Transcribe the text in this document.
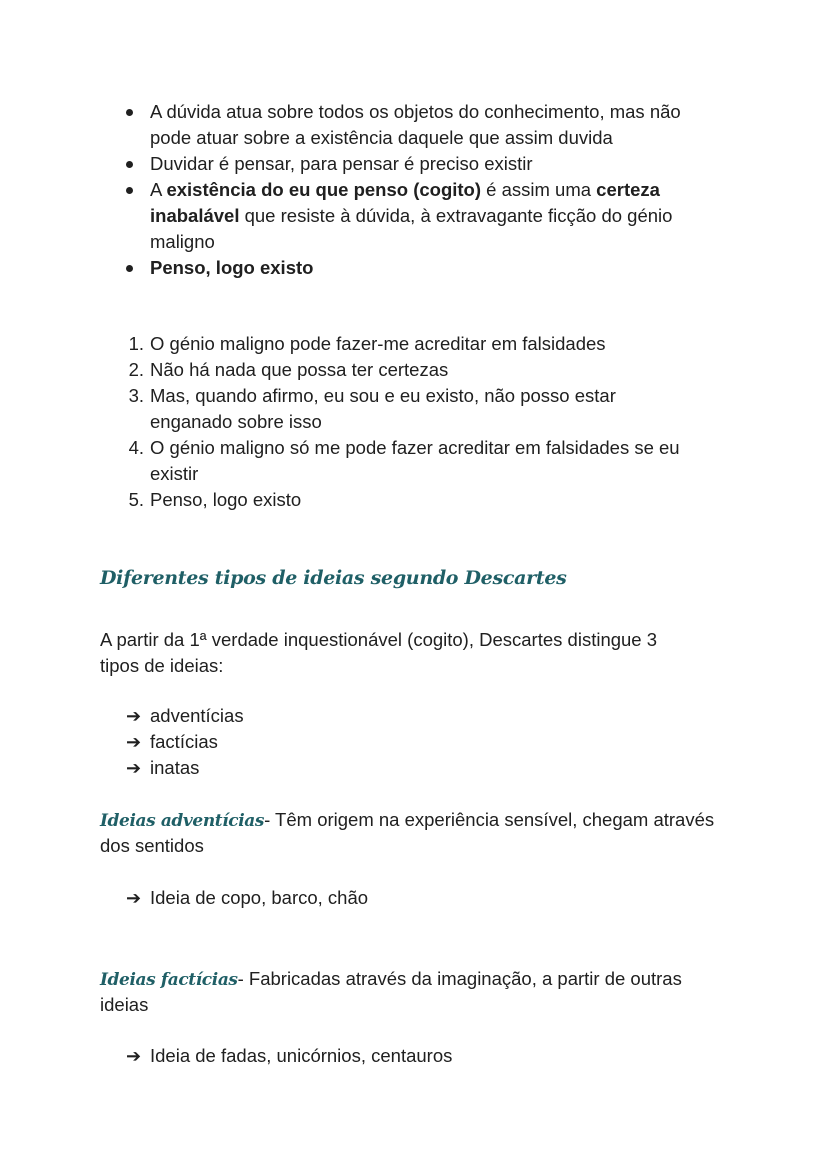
A dúvida atua sobre todos os objetos do conhecimento, mas não
pode atuar sobre a existência daquele que assim duvida
Duvidar é pensar, para pensar é preciso existir
A existência do eu que penso (cogito) é assim uma certeza
inabalável que resiste à dúvida, à extravagante ficção do génio
maligno
Penso, logo existo
1. O génio maligno pode fazer-me acreditar em falsidades
2. Não há nada que possa ter certezas
3. Mas, quando afirmo, eu sou e eu existo, não posso estar
enganado sobre isso
4. O génio maligno só me pode fazer acreditar em falsidades se eu
existir
5. Penso, logo existo
Diferentes tipos de ideias segundo Descartes
A partir da 1ª verdade inquestionável (cogito), Descartes distingue 3
tipos de ideias:
➔ adventícias
➔ factícias
➔ inatas
Ideias adventícias- Têm origem na experiência sensível, chegam através
dos sentidos
➔ Ideia de copo, barco, chão
Ideias factícias- Fabricadas através da imaginação, a partir de outras
ideias
➔ Ideia de fadas, unicórnios, centauros
